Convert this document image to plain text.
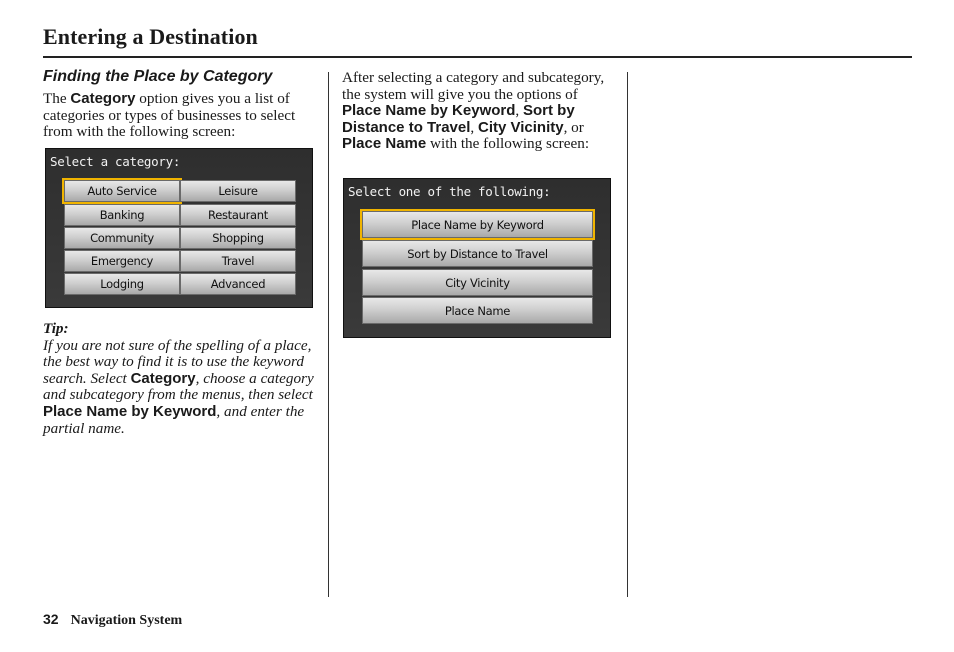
Entering a Destination
Finding the Place by Category

The Category option gives you a list of categories or types of businesses to select from with the following screen:

Select a category:
Auto Service	Leisure
Banking	Restaurant
Community	Shopping
Emergency	Travel
Lodging	Advanced

Tip:

If you are not sure of the spelling of a place, the best way to find it is to use the keyword search. Select Category, choose a category and subcategory from the menus, then select Place Name by Keyword, and enter the partial name.

After selecting a category and subcategory, the system will give you the options of Place Name by Keyword, Sort by Distance to Travel, City Vicinity, or Place Name with the following screen:

Select one of the following:
Place Name by Keyword
Sort by Distance to Travel
City Vicinity
Place Name
32 Navigation System
